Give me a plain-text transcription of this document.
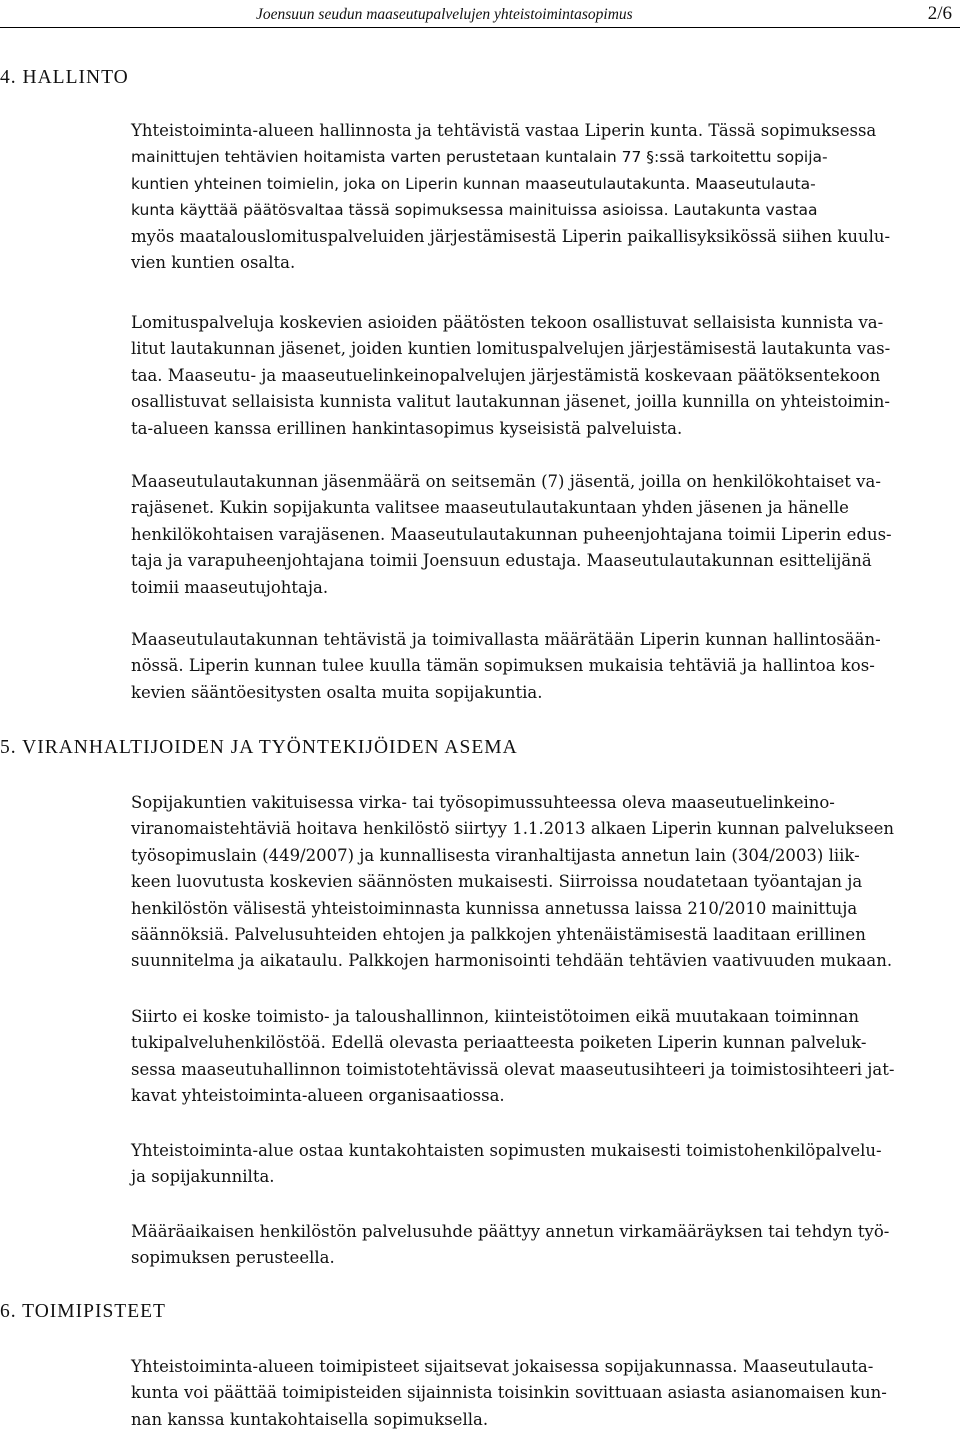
Joensuun seudun maaseutupalvelujen yhteistoimintasopimus	2/6
4. HALLINTO
Yhteistoiminta-alueen hallinnosta ja tehtävistä vastaa Liperin kunta. Tässä sopimuksessa
mainittujen tehtävien hoitamista varten perustetaan kuntalain 77 §:ssä tarkoitettu sopija-
kuntien yhteinen toimielin, joka on Liperin kunnan maaseutulautakunta. Maaseutulauta-
kunta käyttää päätösvaltaa tässä sopimuksessa mainituissa asioissa. Lautakunta vastaa
myös maatalouslomituspalveluiden järjestämisestä Liperin paikallisyksikössä siihen kuulu-
vien kuntien osalta.
Lomituspalveluja koskevien asioiden päätösten tekoon osallistuvat sellaisista kunnista va-
litut lautakunnan jäsenet, joiden kuntien lomituspalvelujen järjestämisestä lautakunta vas-
taa. Maaseutu- ja maaseutuelinkeinopalvelujen järjestämistä koskevaan päätöksentekoon
osallistuvat sellaisista kunnista valitut lautakunnan jäsenet, joilla kunnilla on yhteistoimin-
ta-alueen kanssa erillinen hankintasopimus kyseisistä palveluista.
Maaseutulautakunnan jäsenmäärä on seitsemän (7) jäsentä, joilla on henkilökohtaiset va-
rajäsenet. Kukin sopijakunta valitsee maaseutulautakuntaan yhden jäsenen ja hänelle
henkilökohtaisen varajäsenen. Maaseutulautakunnan puheenjohtajana toimii Liperin edus-
taja ja varapuheenjohtajana toimii Joensuun edustaja. Maaseutulautakunnan esittelijänä
toimii maaseutujohtaja.
Maaseutulautakunnan tehtävistä ja toimivallasta määrätään Liperin kunnan hallintosään-
nössä. Liperin kunnan tulee kuulla tämän sopimuksen mukaisia tehtäviä ja hallintoa kos-
kevien sääntöesitysten osalta muita sopijakuntia.
5. VIRANHALTIJOIDEN JA TYÖNTEKIJÖIDEN ASEMA
Sopijakuntien vakituisessa virka- tai työsopimussuhteessa oleva maaseutuelinkeino-
viranomaistehtäviä hoitava henkilöstö siirtyy 1.1.2013 alkaen Liperin kunnan palvelukseen
työsopimuslain (449/2007) ja kunnallisesta viranhaltijasta annetun lain (304/2003) liik-
keen luovutusta koskevien säännösten mukaisesti. Siirroissa noudatetaan työantajan ja
henkilöstön välisestä yhteistoiminnasta kunnissa annetussa laissa 210/2010 mainittuja
säännöksiä. Palvelusuhteiden ehtojen ja palkkojen yhtenäistämisestä laaditaan erillinen
suunnitelma ja aikataulu. Palkkojen harmonisointi tehdään tehtävien vaativuuden mukaan.
Siirto ei koske toimisto- ja taloushallinnon, kiinteistötoimen eikä muutakaan toiminnan
tukipalveluhenkilöstöä. Edellä olevasta periaatteesta poiketen Liperin kunnan palveluk-
sessa maaseutuhallinnon toimistotehtävissä olevat maaseutusihteeri ja toimistosihteeri jat-
kavat yhteistoiminta-alueen organisaatiossa.
Yhteistoiminta-alue ostaa kuntakohtaisten sopimusten mukaisesti toimistohenkilöpalvelu-
ja sopijakunnilta.
Määräaikaisen henkilöstön palvelusuhde päättyy annetun virkamääräyksen tai tehdyn työ-
sopimuksen perusteella.
6. TOIMIPISTEET
Yhteistoiminta-alueen toimipisteet sijaitsevat jokaisessa sopijakunnassa. Maaseutulauta-
kunta voi päättää toimipisteiden sijainnista toisinkin sovittuaan asiasta asianomaisen kun-
nan kanssa kuntakohtaisella sopimuksella.
